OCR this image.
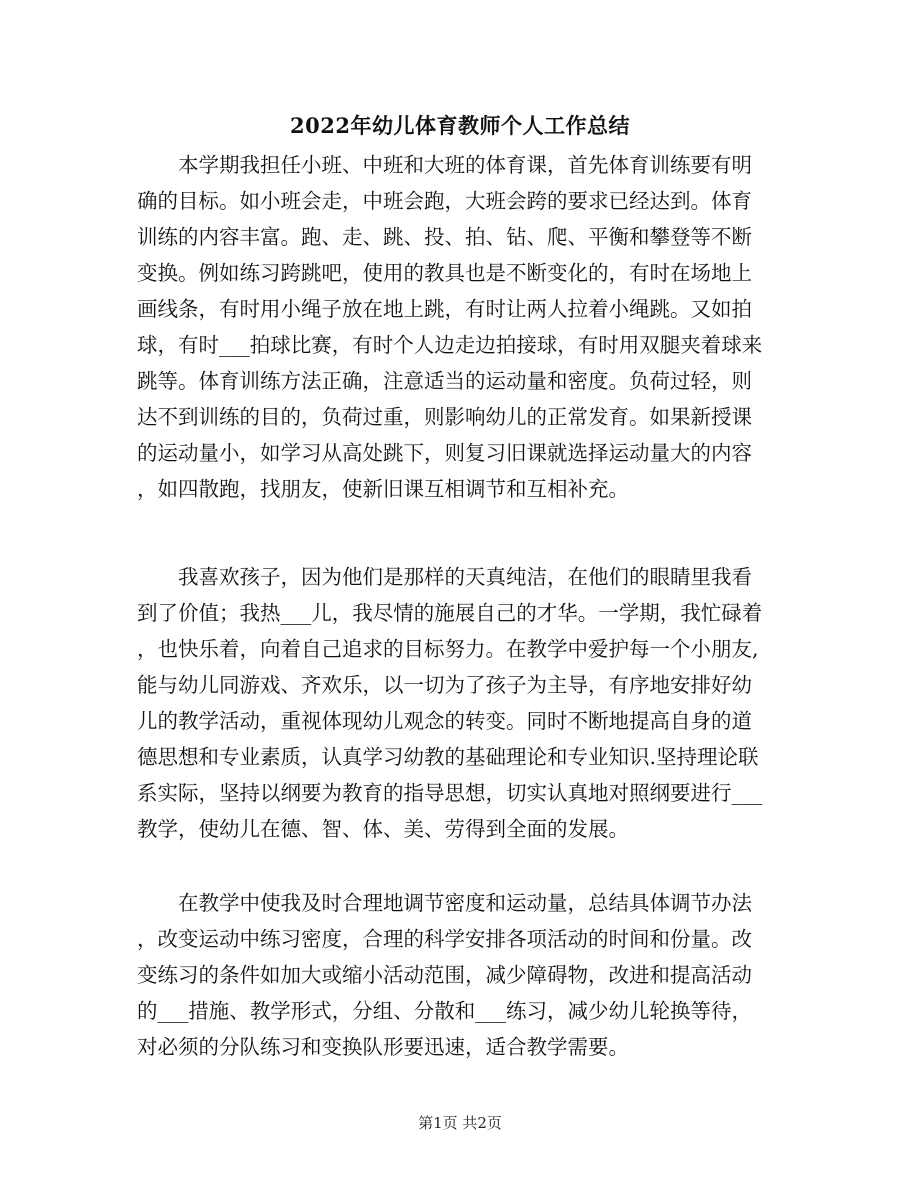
2022年幼儿体育教师个人工作总结
　　本学期我担任小班、中班和大班的体育课，首先体育训练要有明
确的目标。如小班会走，中班会跑，大班会跨的要求已经达到。体育
训练的内容丰富。跑、走、跳、投、拍、钻、爬、平衡和攀登等不断
变换。例如练习跨跳吧，使用的教具也是不断变化的，有时在场地上
画线条，有时用小绳子放在地上跳，有时让两人拉着小绳跳。又如拍
球，有时___拍球比赛，有时个人边走边拍接球，有时用双腿夹着球来
跳等。体育训练方法正确，注意适当的运动量和密度。负荷过轻，则
达不到训练的目的，负荷过重，则影响幼儿的正常发育。如果新授课
的运动量小，如学习从高处跳下，则复习旧课就选择运动量大的内容
，如四散跑，找朋友，使新旧课互相调节和互相补充。
　　我喜欢孩子，因为他们是那样的天真纯洁，在他们的眼睛里我看
到了价值；我热___儿，我尽情的施展自己的才华。一学期，我忙碌着
，也快乐着，向着自己追求的目标努力。在教学中爱护每一个小朋友,
能与幼儿同游戏、齐欢乐，以一切为了孩子为主导，有序地安排好幼
儿的教学活动，重视体现幼儿观念的转变。同时不断地提高自身的道
德思想和专业素质，认真学习幼教的基础理论和专业知识.坚持理论联
系实际，坚持以纲要为教育的指导思想，切实认真地对照纲要进行___
教学，使幼儿在德、智、体、美、劳得到全面的发展。
　　在教学中使我及时合理地调节密度和运动量，总结具体调节办法
，改变运动中练习密度，合理的科学安排各项活动的时间和份量。改
变练习的条件如加大或缩小活动范围，减少障碍物，改进和提高活动
的___措施、教学形式，分组、分散和___练习，减少幼儿轮换等待，
对必须的分队练习和变换队形要迅速，适合教学需要。
第1页 共2页
